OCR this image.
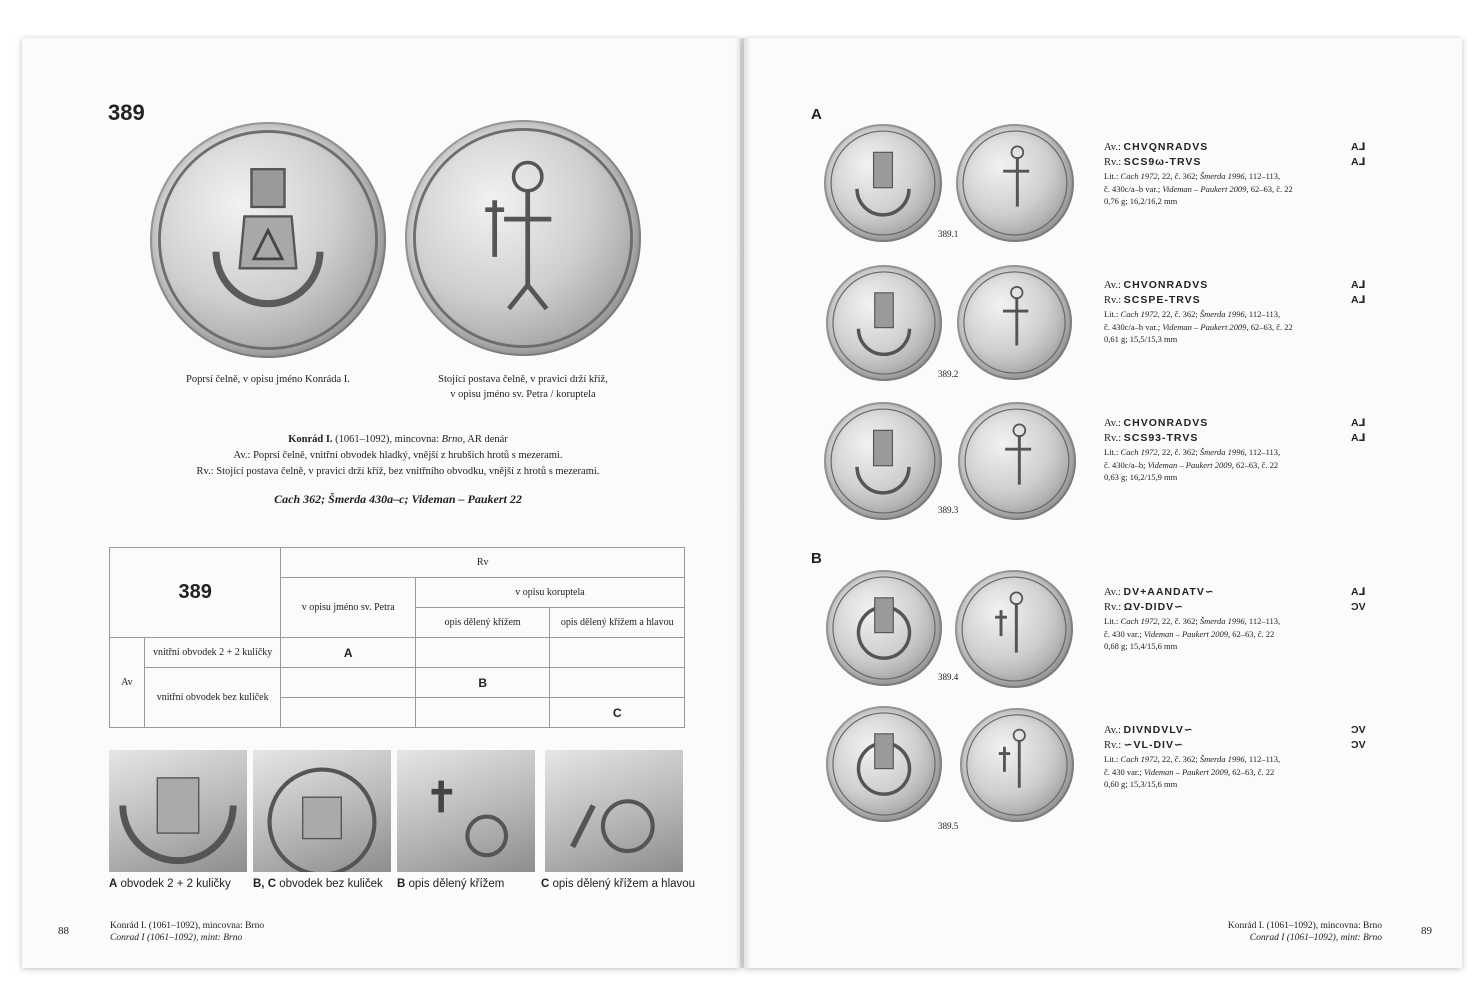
389
Poprsí čelně, v opisu jméno Konráda I.	Stojící postava čelně, v pravici drží kříž,
v opisu jméno sv. Petra / koruptela
Konrád I. (1061–1092), mincovna: Brno, AR denár
Av.: Poprsí čelně, vnitřní obvodek hladký, vnější z hrubších hrotů s mezerami.
Rv.: Stojící postava čelně, v pravici drží kříž, bez vnitřního obvodku, vnější z hrotů s mezerami.
Cach 362; Šmerda 430a–c; Videman – Paukert 22
389		Rv		
		v opisu jméno sv. Petra	v opisu koruptela	
			opis dělený křížem	opis dělený křížem a hlavou
Av	vnitřní obvodek 2 + 2 kuličky	A		
	vnitřní obvodek bez kuliček		B	
				C
A obvodek 2 + 2 kuličky B, C obvodek bez kuliček B opis dělený křížem	C opis dělený křížem a hlavou
88	Konrád I. (1061–1092), mincovna: Brno
Conrad I (1061–1092), mint: Brno
A
B
389.1
389.2
389.3
389.4
389.5
Av.: CHVQNRADVS
Rv.: SCS9ω-TRVS
Lit.: Cach 1972, 22, č. 362; Šmerda 1996, 112–113,
č. 430c/a–b var.; Videman – Paukert 2009, 62–63, č. 22
0,76 g; 16,2/16,2 mm
A⅃
A⅃
Av.: CHVONRADVS
Rv.: SCSPE-TRVS
Lit.: Cach 1972, 22, č. 362; Šmerda 1996, 112–113,
č. 430c/a–b var.; Videman – Paukert 2009, 62–63, č. 22
0,61 g; 15,5/15,3 mm
A⅃
A⅃
Av.: CHVONRADVS
Rv.: SCS93-TRVS
Lit.: Cach 1972, 22, č. 362; Šmerda 1996, 112–113,
č. 430c/a–b; Videman – Paukert 2009, 62–63, č. 22
0,63 g; 16,2/15,9 mm
A⅃
A⅃
Av.: DV+AANDATV∽
Rv.: ΩV-DIDV∽
Lit.: Cach 1972, 22, č. 362; Šmerda 1996, 112–113,
č. 430 var.; Videman – Paukert 2009, 62–63, č. 22
0,68 g; 15,4/15,6 mm
A⅃
ƆV
Av.: DIVNDVLV∽
Rv.: ∽VL-DIV∽
Lit.: Cach 1972, 22, č. 362; Šmerda 1996, 112–113,
č. 430 var.; Videman – Paukert 2009, 62–63, č. 22
0,60 g; 15,3/15,6 mm
ƆV
ƆV
Konrád I. (1061–1092), mincovna: Brno
Conrad I (1061–1092), mint: Brno
89
